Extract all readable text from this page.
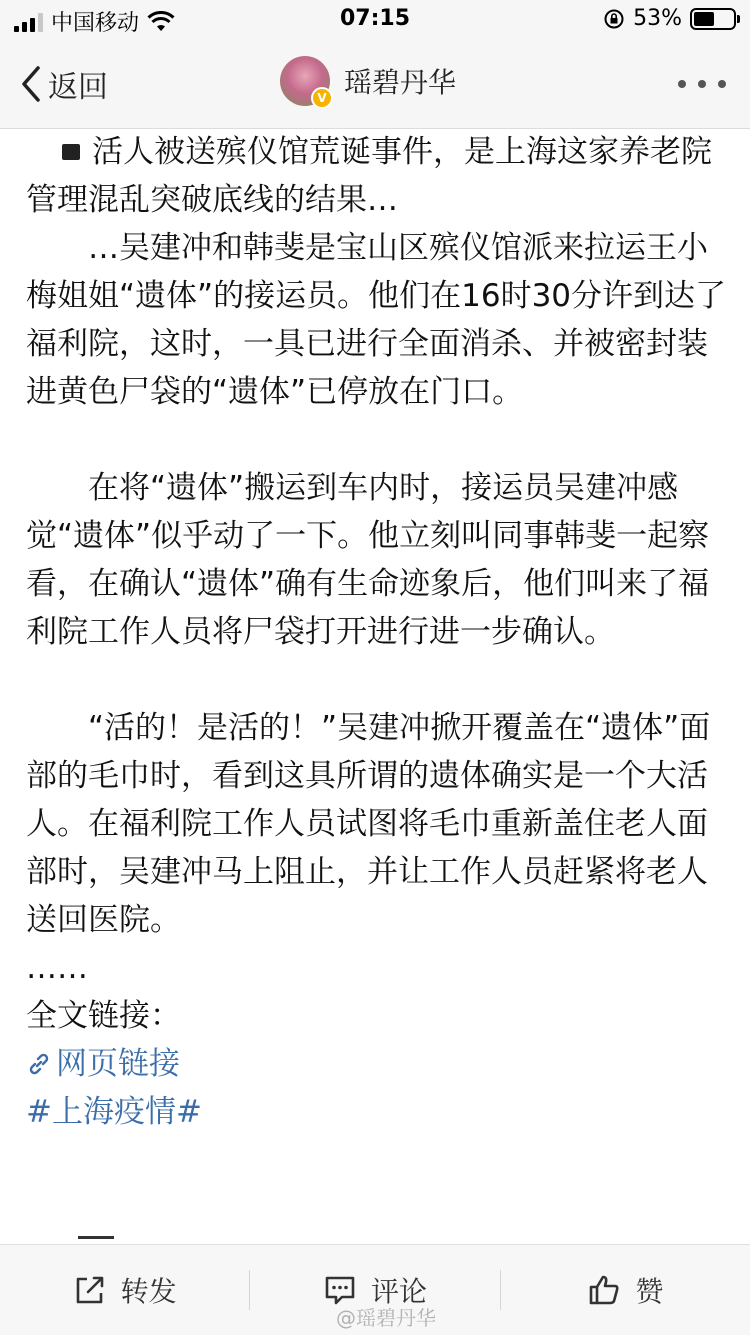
中国移动	07:15	53%
返回	V 瑶碧丹华

活人被送殡仪馆荒诞事件，是上海这家养老院管理混乱突破底线的结果…

…吴建冲和韩斐是宝山区殡仪馆派来拉运王小梅姐姐“遗体”的接运员。他们在16时30分许到达了福利院，这时，一具已进行全面消杀、并被密封装进黄色尸袋的“遗体”已停放在门口。

在将“遗体”搬运到车内时，接运员吴建冲感觉“遗体”似乎动了一下。他立刻叫同事韩斐一起察看，在确认“遗体”确有生命迹象后，他们叫来了福利院工作人员将尸袋打开进行进一步确认。

“活的！是活的！”吴建冲掀开覆盖在“遗体”面部的毛巾时，看到这具所谓的遗体确实是一个大活人。在福利院工作人员试图将毛巾重新盖住老人面部时，吴建冲马上阻止，并让工作人员赶紧将老人送回医院。

……

全文链接：

网页链接

#上海疫情#

转发	评论	赞
@瑶碧丹华
